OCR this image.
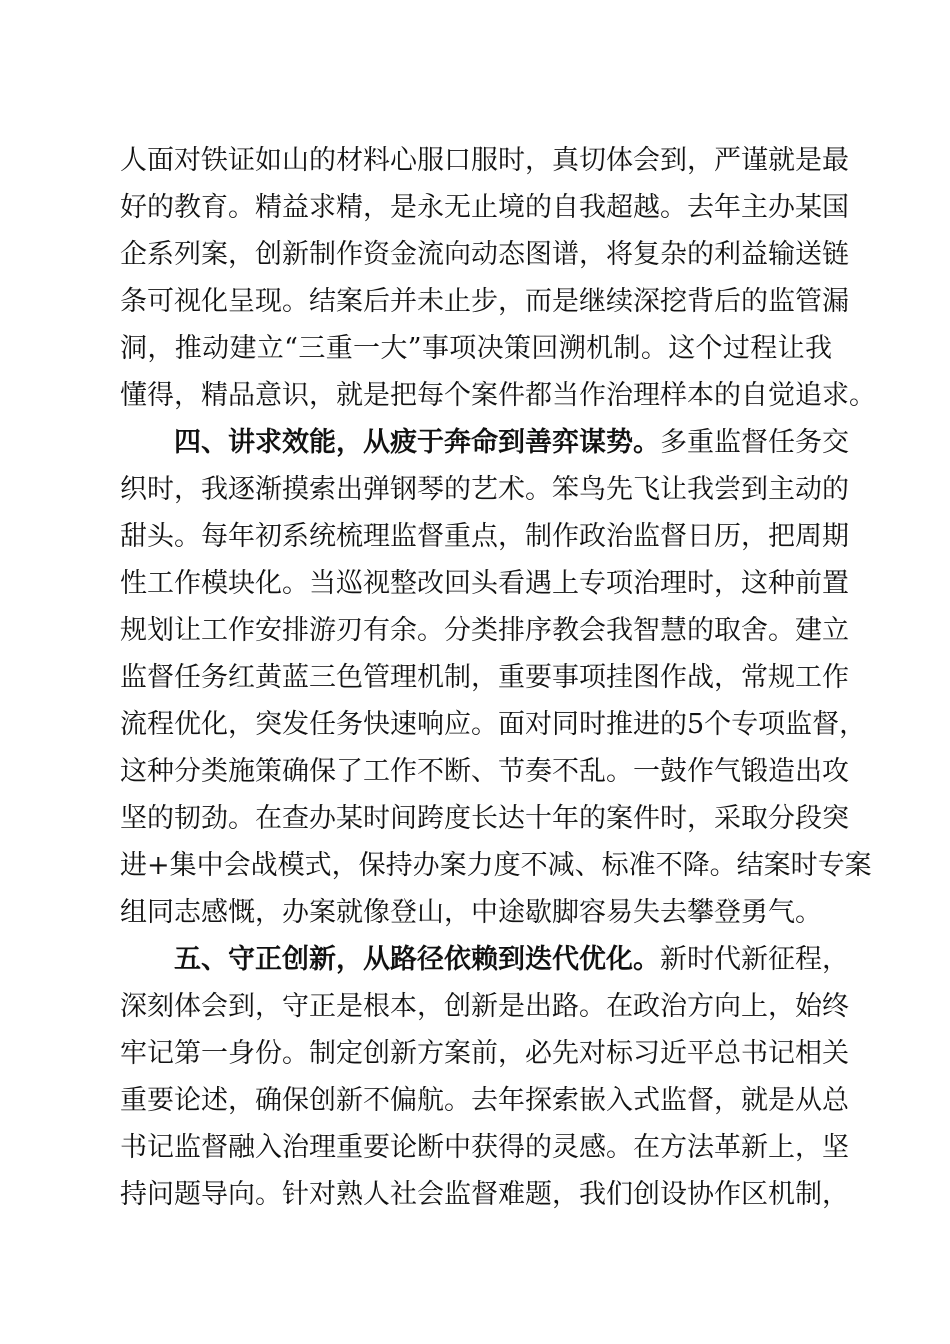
人面对铁证如山的材料心服口服时，真切体会到，严谨就是最
好的教育。精益求精，是永无止境的自我超越。去年主办某国
企系列案，创新制作资金流向动态图谱，将复杂的利益输送链
条可视化呈现。结案后并未止步，而是继续深挖背后的监管漏
洞，推动建立“三重一大”事项决策回溯机制。这个过程让我
懂得，精品意识，就是把每个案件都当作治理样本的自觉追求。
四、讲求效能，从疲于奔命到善弈谋势。多重监督任务交
织时，我逐渐摸索出弹钢琴的艺术。笨鸟先飞让我尝到主动的
甜头。每年初系统梳理监督重点，制作政治监督日历，把周期
性工作模块化。当巡视整改回头看遇上专项治理时，这种前置
规划让工作安排游刃有余。分类排序教会我智慧的取舍。建立
监督任务红黄蓝三色管理机制，重要事项挂图作战，常规工作
流程优化，突发任务快速响应。面对同时推进的5个专项监督，
这种分类施策确保了工作不断、节奏不乱。一鼓作气锻造出攻
坚的韧劲。在查办某时间跨度长达十年的案件时，采取分段突
进+集中会战模式，保持办案力度不减、标准不降。结案时专案
组同志感慨，办案就像登山，中途歇脚容易失去攀登勇气。
五、守正创新，从路径依赖到迭代优化。新时代新征程，
深刻体会到，守正是根本，创新是出路。在政治方向上，始终
牢记第一身份。制定创新方案前，必先对标习近平总书记相关
重要论述，确保创新不偏航。去年探索嵌入式监督，就是从总
书记监督融入治理重要论断中获得的灵感。在方法革新上，坚
持问题导向。针对熟人社会监督难题，我们创设协作区机制，
